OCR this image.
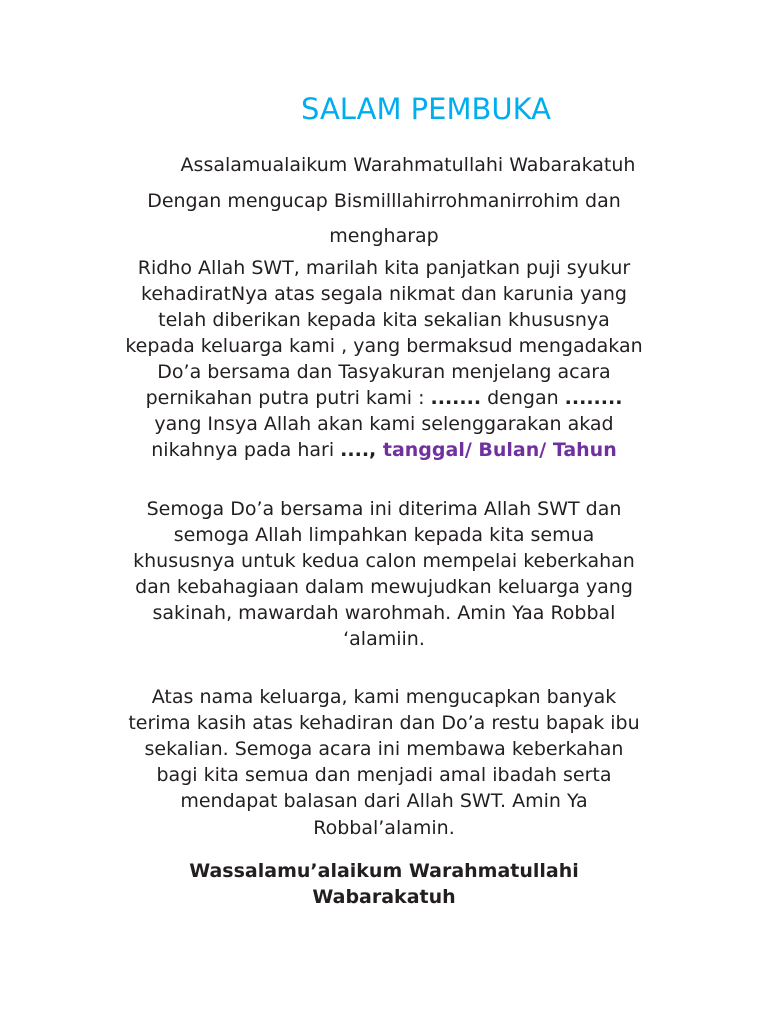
SALAM PEMBUKA
Assalamualaikum Warahmatullahi Wabarakatuh
Dengan mengucap Bismilllahirrohmanirrohim dan
mengharap
Ridho Allah SWT, marilah kita panjatkan puji syukur
kehadiratNya atas segala nikmat dan karunia yang
telah diberikan kepada kita sekalian khususnya
kepada keluarga kami , yang bermaksud mengadakan
Do’a bersama dan Tasyakuran menjelang acara
pernikahan putra putri kami : ....... dengan ........
yang Insya Allah akan kami selenggarakan akad
nikahnya pada hari ...., tanggal/ Bulan/ Tahun
Semoga Do’a bersama ini diterima Allah SWT dan
semoga Allah limpahkan kepada kita semua
khususnya untuk kedua calon mempelai keberkahan
dan kebahagiaan dalam mewujudkan keluarga yang
sakinah, mawardah warohmah. Amin Yaa Robbal
‘alamiin.
Atas nama keluarga, kami mengucapkan banyak
terima kasih atas kehadiran dan Do’a restu bapak ibu
sekalian. Semoga acara ini membawa keberkahan
bagi kita semua dan menjadi amal ibadah serta
mendapat balasan dari Allah SWT. Amin Ya
Robbal’alamin.
Wassalamu’alaikum Warahmatullahi
Wabarakatuh
